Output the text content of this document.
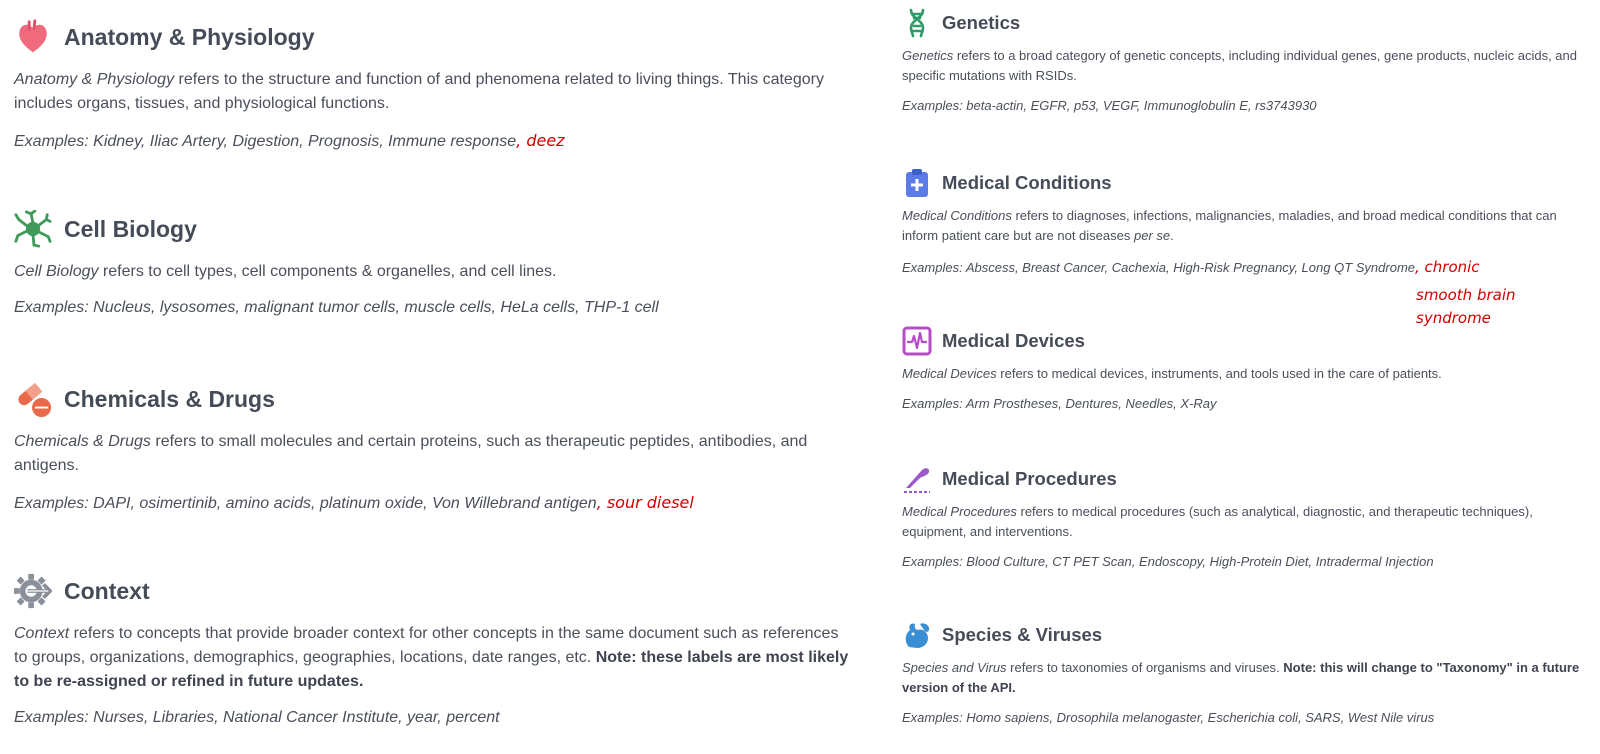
Anatomy & Physiology
Anatomy & Physiology refers to the structure and function of and phenomena related to living things. This category includes organs, tissues, and physiological functions.
Examples: Kidney, Iliac Artery, Digestion, Prognosis, Immune response, deez
Cell Biology
Cell Biology refers to cell types, cell components & organelles, and cell lines.
Examples: Nucleus, lysosomes, malignant tumor cells, muscle cells, HeLa cells, THP-1 cell
Chemicals & Drugs
Chemicals & Drugs refers to small molecules and certain proteins, such as therapeutic peptides, antibodies, and antigens.
Examples: DAPI, osimertinib, amino acids, platinum oxide, Von Willebrand antigen, sour diesel
Context
Context refers to concepts that provide broader context for other concepts in the same document such as references to groups, organizations, demographics, geographies, locations, date ranges, etc. Note: these labels are most likely to be re-assigned or refined in future updates.
Examples: Nurses, Libraries, National Cancer Institute, year, percent
Genetics
Genetics refers to a broad category of genetic concepts, including individual genes, gene products, nucleic acids, and specific mutations with RSIDs.
Examples: beta-actin, EGFR, p53, VEGF, Immunoglobulin E, rs3743930
Medical Conditions
Medical Conditions refers to diagnoses, infections, malignancies, maladies, and broad medical conditions that can inform patient care but are not diseases per se.
Examples: Abscess, Breast Cancer, Cachexia, High-Risk Pregnancy, Long QT Syndrome, chronic
smooth brain
syndrome
Medical Devices
Medical Devices refers to medical devices, instruments, and tools used in the care of patients.
Examples: Arm Prostheses, Dentures, Needles, X-Ray
Medical Procedures
Medical Procedures refers to medical procedures (such as analytical, diagnostic, and therapeutic techniques), equipment, and interventions.
Examples: Blood Culture, CT PET Scan, Endoscopy, High-Protein Diet, Intradermal Injection
Species & Viruses
Species and Virus refers to taxonomies of organisms and viruses. Note: this will change to "Taxonomy" in a future version of the API.
Examples: Homo sapiens, Drosophila melanogaster, Escherichia coli, SARS, West Nile virus
